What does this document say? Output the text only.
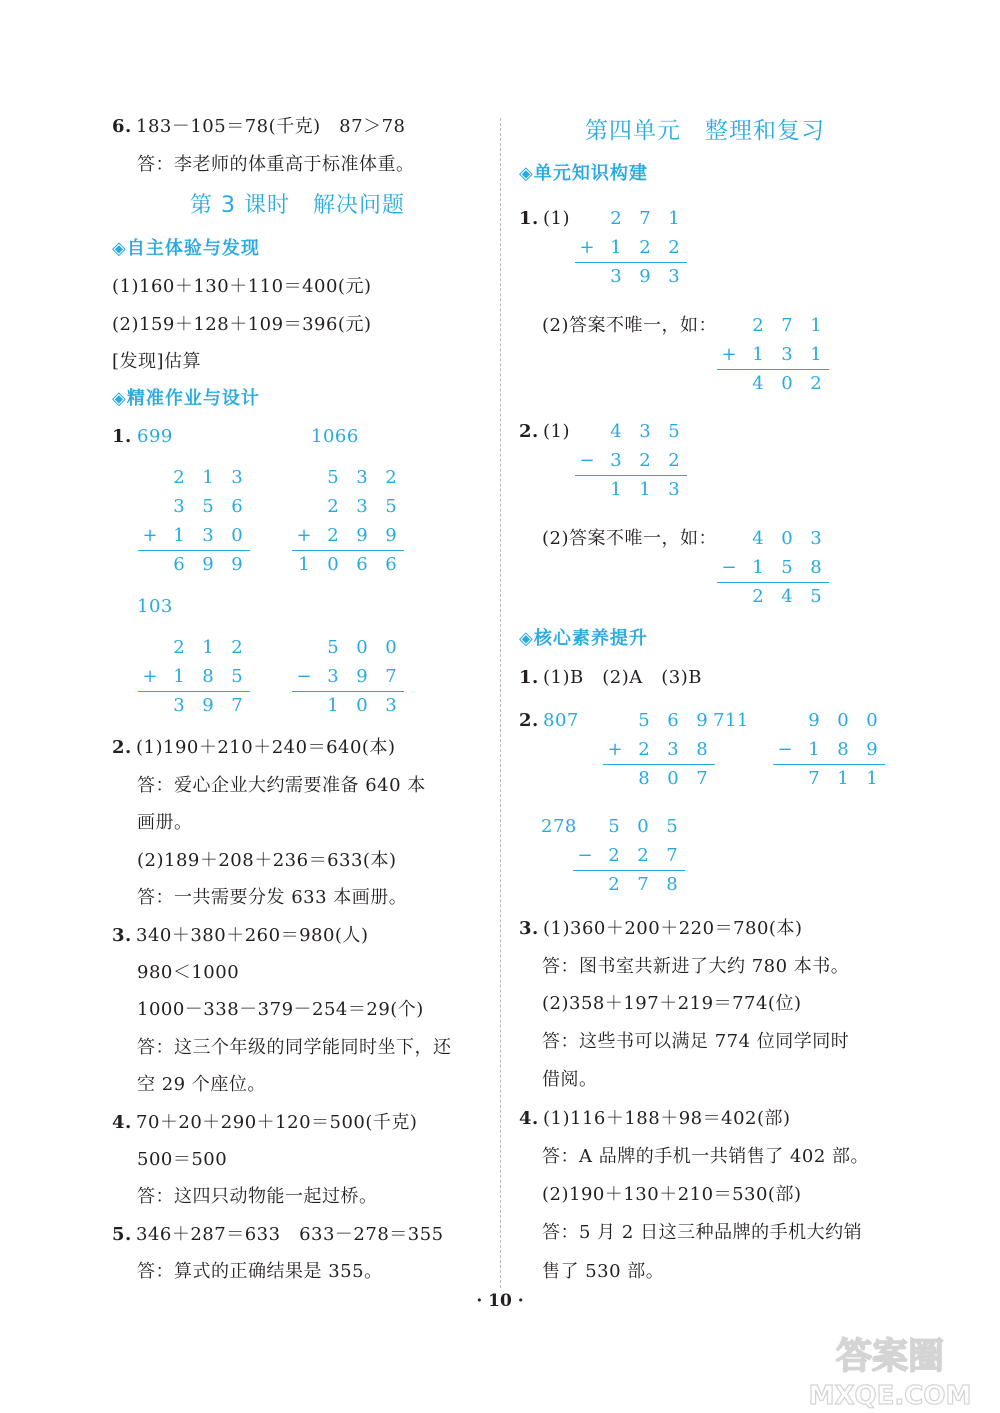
第 3 课时　解决问题
◈自主体验与发现
◈精准作业与设计
1.
第四单元　整理和复习
◈单元知识构建
◈核心素养提升
6. 183－105＝78(千克)　87＞78
答：李老师的体重高于标准体重。
(1)160＋130＋110＝400(元)
(2)159＋128＋109＝396(元)
[发现]估算
2. (1)190＋210＋240＝640(本)
答：爱心企业大约需要准备 640 本
画册。
(2)189＋208＋236＝633(本)
答：一共需要分发 633 本画册。
3. 340＋380＋260＝980(人)
980＜1000
1000－338－379－254＝29(个)
答：这三个年级的同学能同时坐下，还
空 29 个座位。
4. 70＋20＋290＋120＝500(千克)
500＝500
答：这四只动物能一起过桥。
5. 346＋287＝633　633－278＝355
答：算式的正确结果是 355。
699	1066
103
1. (1)
(2)答案不唯一，如：
2. (1)
(2)答案不唯一，如：
1. (1)B　(2)A　(3)B
2.
3. (1)360＋200＋220＝780(本)
答：图书室共新进了大约 780 本书。
(2)358＋197＋219＝774(位)
答：这些书可以满足 774 位同学同时
借阅。
4. (1)116＋188＋98＝402(部)
答：A 品牌的手机一共销售了 402 部。
(2)190＋130＋210＝530(部)
答：5 月 2 日这三种品牌的手机大约销
售了 530 部。
807	711
278
2 1 3
3 5 6
+ 1 3 0
6 9 9
5 3 2
2 3 5
+ 2 9 9
1 0 6 6
2 1 2
+ 1 8 5
3 9 7
5 0 0
− 3 9 7
1 0 3
2 7 1
+ 1 2 2
3 9 3
2 7 1
+ 1 3 1
4 0 2
4 3 5
− 3 2 2
1 1 3
4 0 3
− 1 5 8
2 4 5
5 6 9
+ 2 3 8
8 0 7
9 0 0
− 1 8 9
7 1 1
5 0 5
− 2 2 7
2 7 8
· 10 ·
答案圈
MXQE.COM
